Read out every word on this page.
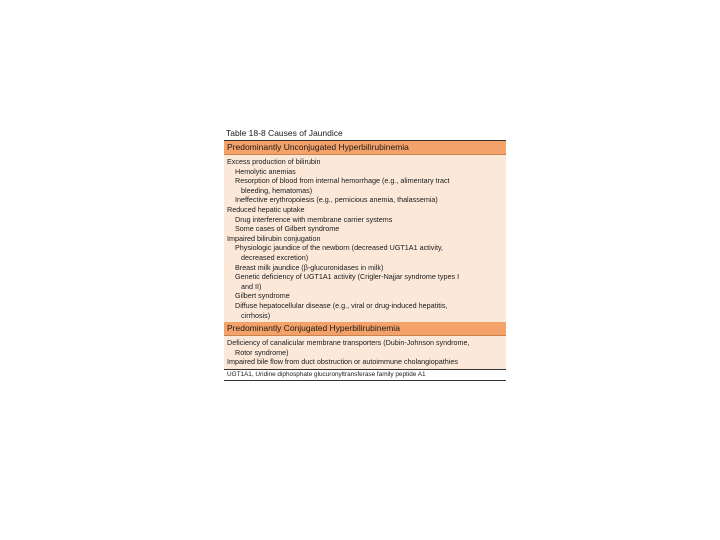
Table 18-8 Causes of Jaundice
Predominantly Unconjugated Hyperbilirubinemia
Excess production of bilirubin
Hemolytic anemias
Resorption of blood from internal hemorrhage (e.g., alimentary tract
bleeding, hematomas)
Ineffective erythropoiesis (e.g., pernicious anemia, thalassemia)
Reduced hepatic uptake
Drug interference with membrane carrier systems
Some cases of Gilbert syndrome
Impaired bilirubin conjugation
Physiologic jaundice of the newborn (decreased UGT1A1 activity,
decreased excretion)
Breast milk jaundice (β-glucuronidases in milk)
Genetic deficiency of UGT1A1 activity (Crigler-Najjar syndrome types I
and II)
Gilbert syndrome
Diffuse hepatocellular disease (e.g., viral or drug-induced hepatitis,
cirrhosis)
Predominantly Conjugated Hyperbilirubinemia
Deficiency of canalicular membrane transporters (Dubin-Johnson syndrome,
Rotor syndrome)
Impaired bile flow from duct obstruction or autoimmune cholangiopathies
UGT1A1, Uridine diphosphate glucuronyltransferase family peptide A1
